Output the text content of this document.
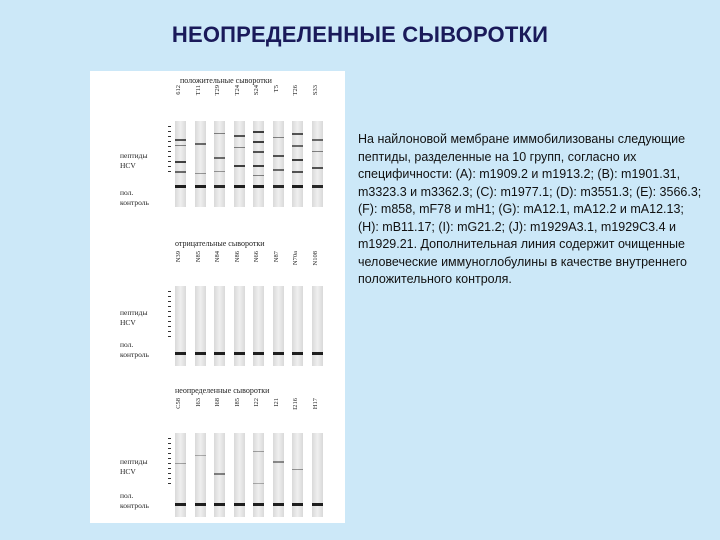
НЕОПРЕДЕЛЕННЫЕ СЫВОРОТКИ
положительные сыворотки
пептиды
HCV
пол.
контроль
612	T11	T29	T24	S24	T5	T26	S33
отрицательные сыворотки
пептиды
HCV
пол.
контроль
N39	N85	N84	N86	N66	N87	N70a	N108
неопределенные сыворотки
пептиды
HCV
пол.
контроль
C58	I63	I68	I85	I22	I21	I216	H17
На найлоновой мембране иммобилизованы следующие пептиды, разделенные на 10 групп, согласно их специфичности: (A): m1909.2 и m1913.2; (B): m1901.31, m3323.3 и m3362.3; (C): m1977.1; (D): m3551.3; (E): 3566.3; (F): m858, mF78 и mH1; (G): mA12.1, mA12.2 и mA12.13; (H): mB11.17; (I): mG21.2; (J): m1929A3.1, m1929C3.4 и m1929.21. Дополнительная линия содержит очищенные человеческие иммуноглобулины в качестве внутреннего положительного контроля.
